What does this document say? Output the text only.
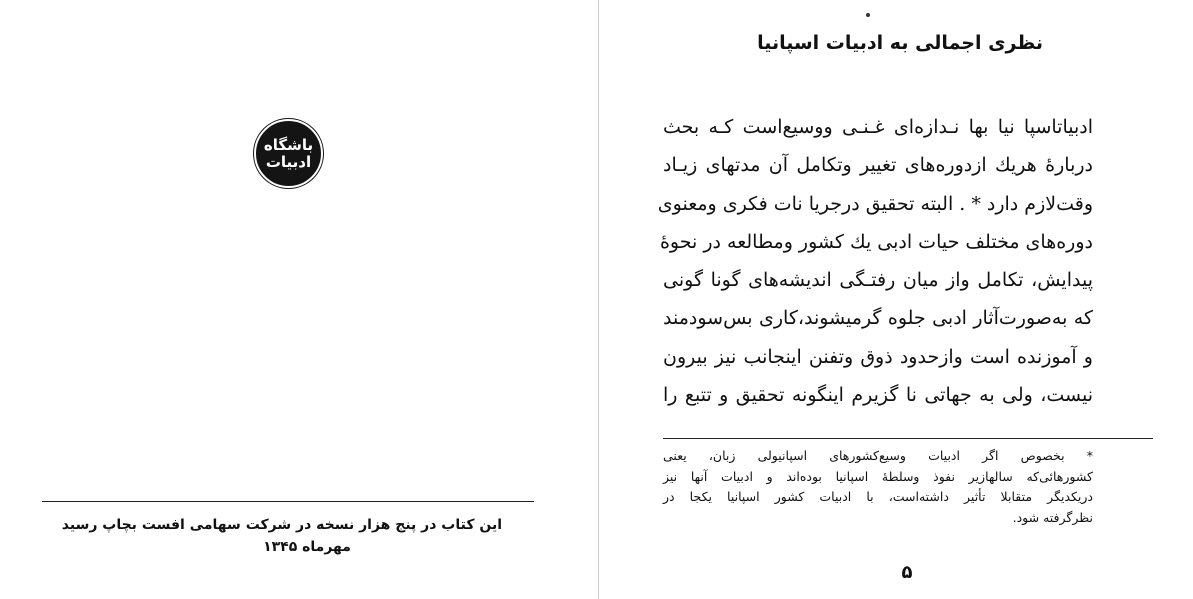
باشگاه
ادبیات
این کتاب در پنج هزار نسخه در شرکت سهامی افست بچاپ رسید

مهرماه ۱۳۴۵
نظری اجمالی به ادبیات اسپانیا
ادبیاتاسپا نیا بها نـدازه‌ای غـنـی ووسیع‌است کـه بحث
دربارهٔ هریك ازدوره‌های تغییر وتکامل آن مدتهای زیـاد
وقت‌لازم دارد * . البته تحقیق درجریا نات فکری ومعنوی
دوره‌های مختلف حیات ادبی یك کشور ومطالعه در نحوهٔ
پیدایش، تکامل واز میان رفتـگی اندیشه‌های گونا گونی
که به‌صورت‌آثار ادبی جلوه گرمیشوند،کاری بس‌سودمند
و آموزنده است وازحدود ذوق وتفنن اینجانب نیز بیرون
نیست، ولی به جهاتی نا گزیرم اینگونه تحقیق و تتبع را
* بخصوص اگر ادبیات وسیع‌کشورهای اسپانیولی زبان، یعنی
کشورهائی‌که سالهازیر نفوذ وسلطهٔ اسپانیا بوده‌اند و ادبیات آنها نیز
دریکدیگر متقابلا تأثیر داشته‌است، با ادبیات کشور اسپانیا یکجا در
نظرگرفته شود.
۵
